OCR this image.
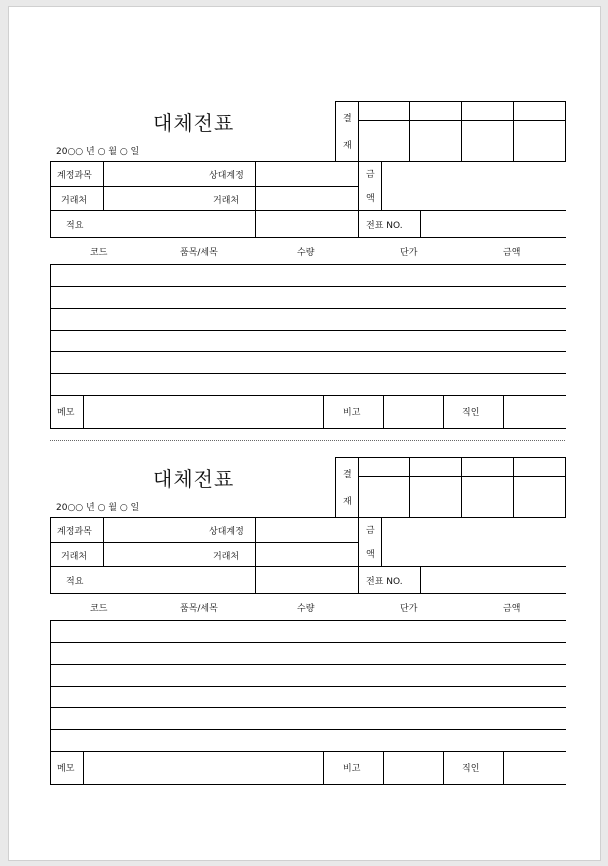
대체전표
20○○ 년 ○ 월 ○ 일
결
재
계정과목	상대계정
거래처	거래처
금
액
적요	전표 NO.
코드	품목/세목	수량	단가	금액
메모	비고	직인
대체전표
20○○ 년 ○ 월 ○ 일
결
재
계정과목	상대계정
거래처	거래처
금
액
적요	전표 NO.
코드	품목/세목	수량	단가	금액
메모	비고	직인
